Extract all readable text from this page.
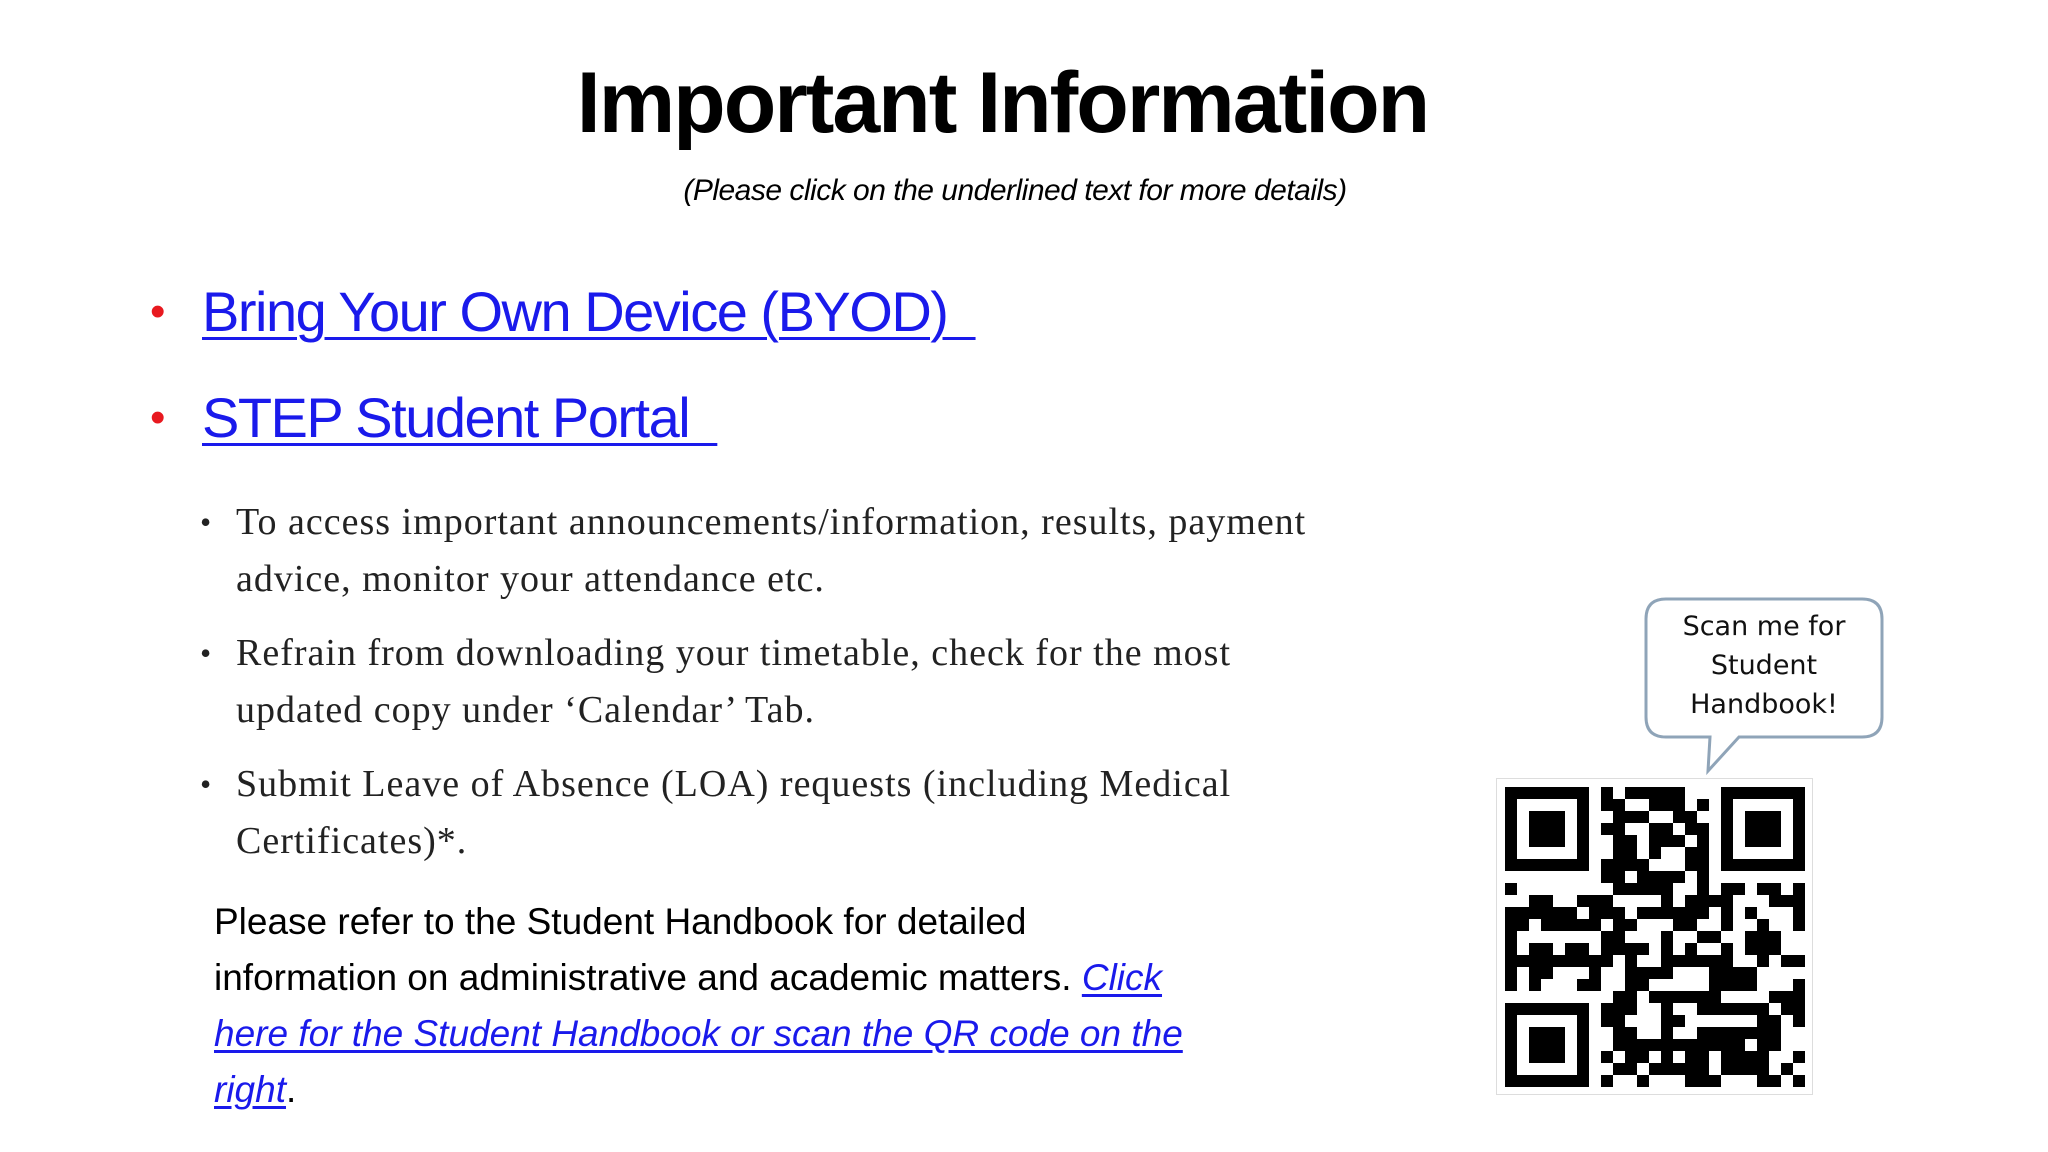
Important Information
(Please click on the underlined text for more details)
• Bring Your Own Device (BYOD)
• STEP Student Portal
• To access important announcements/information, results, payment advice, monitor your attendance etc.
• Refrain from downloading your timetable, check for the most updated copy under ‘Calendar’ Tab.
• Submit Leave of Absence (LOA) requests (including Medical Certificates)*.
Please refer to the Student Handbook for detailed information on administrative and academic matters. Click here for the Student Handbook or scan the QR code on the right.
Scan me for
Student
Handbook!
